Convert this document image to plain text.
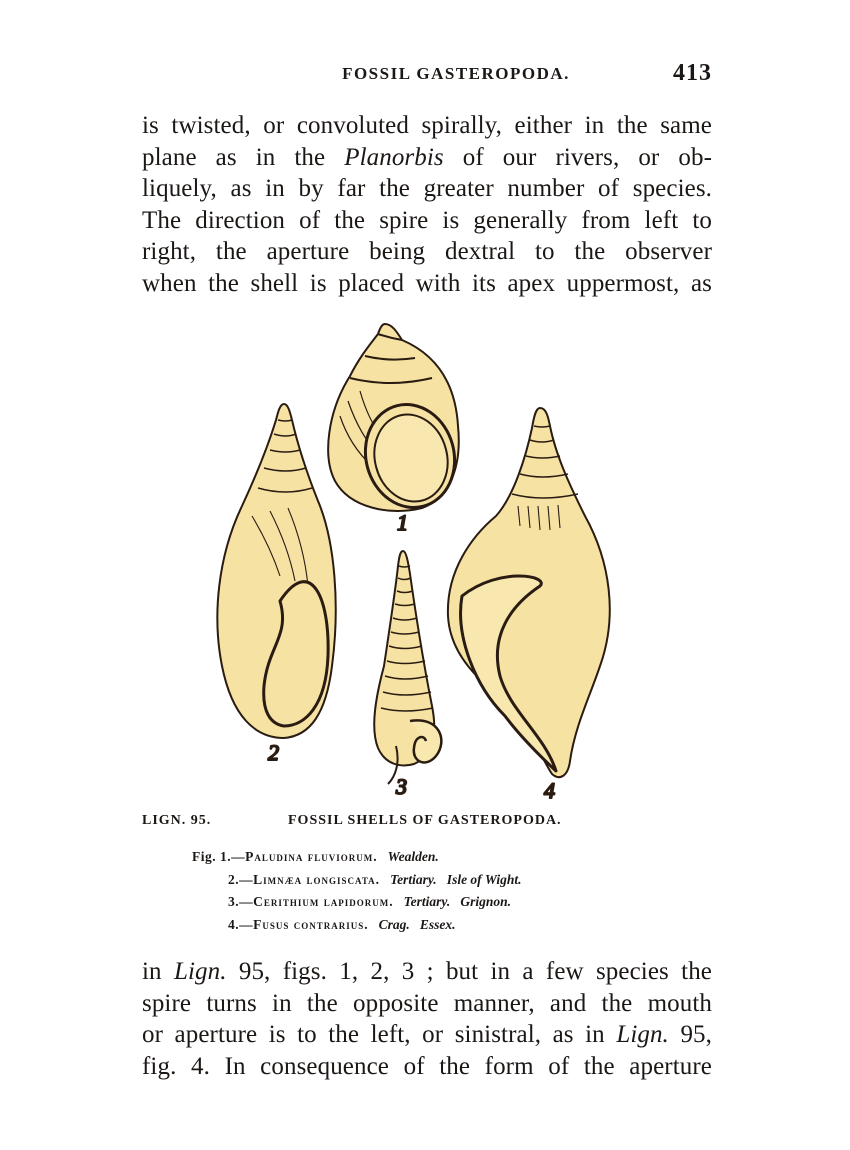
FOSSIL GASTEROPODA.	413
is twisted, or convoluted spirally, either in the same
plane as in the Planorbis of our rivers, or ob-
liquely, as in by far the greater number of species.
The direction of the spire is generally from left to
right, the aperture being dextral to the observer
when the shell is placed with its apex uppermost, as
1
2
3	4
LIGN. 95.	FOSSIL SHELLS OF GASTEROPODA.
Fig. 1.—Paludina fluviorum. Wealden.
2.—Limnæa longiscata. Tertiary.   Isle of Wight.
3.—Cerithium lapidorum. Tertiary.   Grignon.
4.—Fusus contrarius. Crag.   Essex.
in Lign. 95, figs. 1, 2, 3 ; but in a few species the
spire turns in the opposite manner, and the mouth
or aperture is to the left, or sinistral, as in Lign. 95,
fig. 4. In consequence of the form of the aperture
